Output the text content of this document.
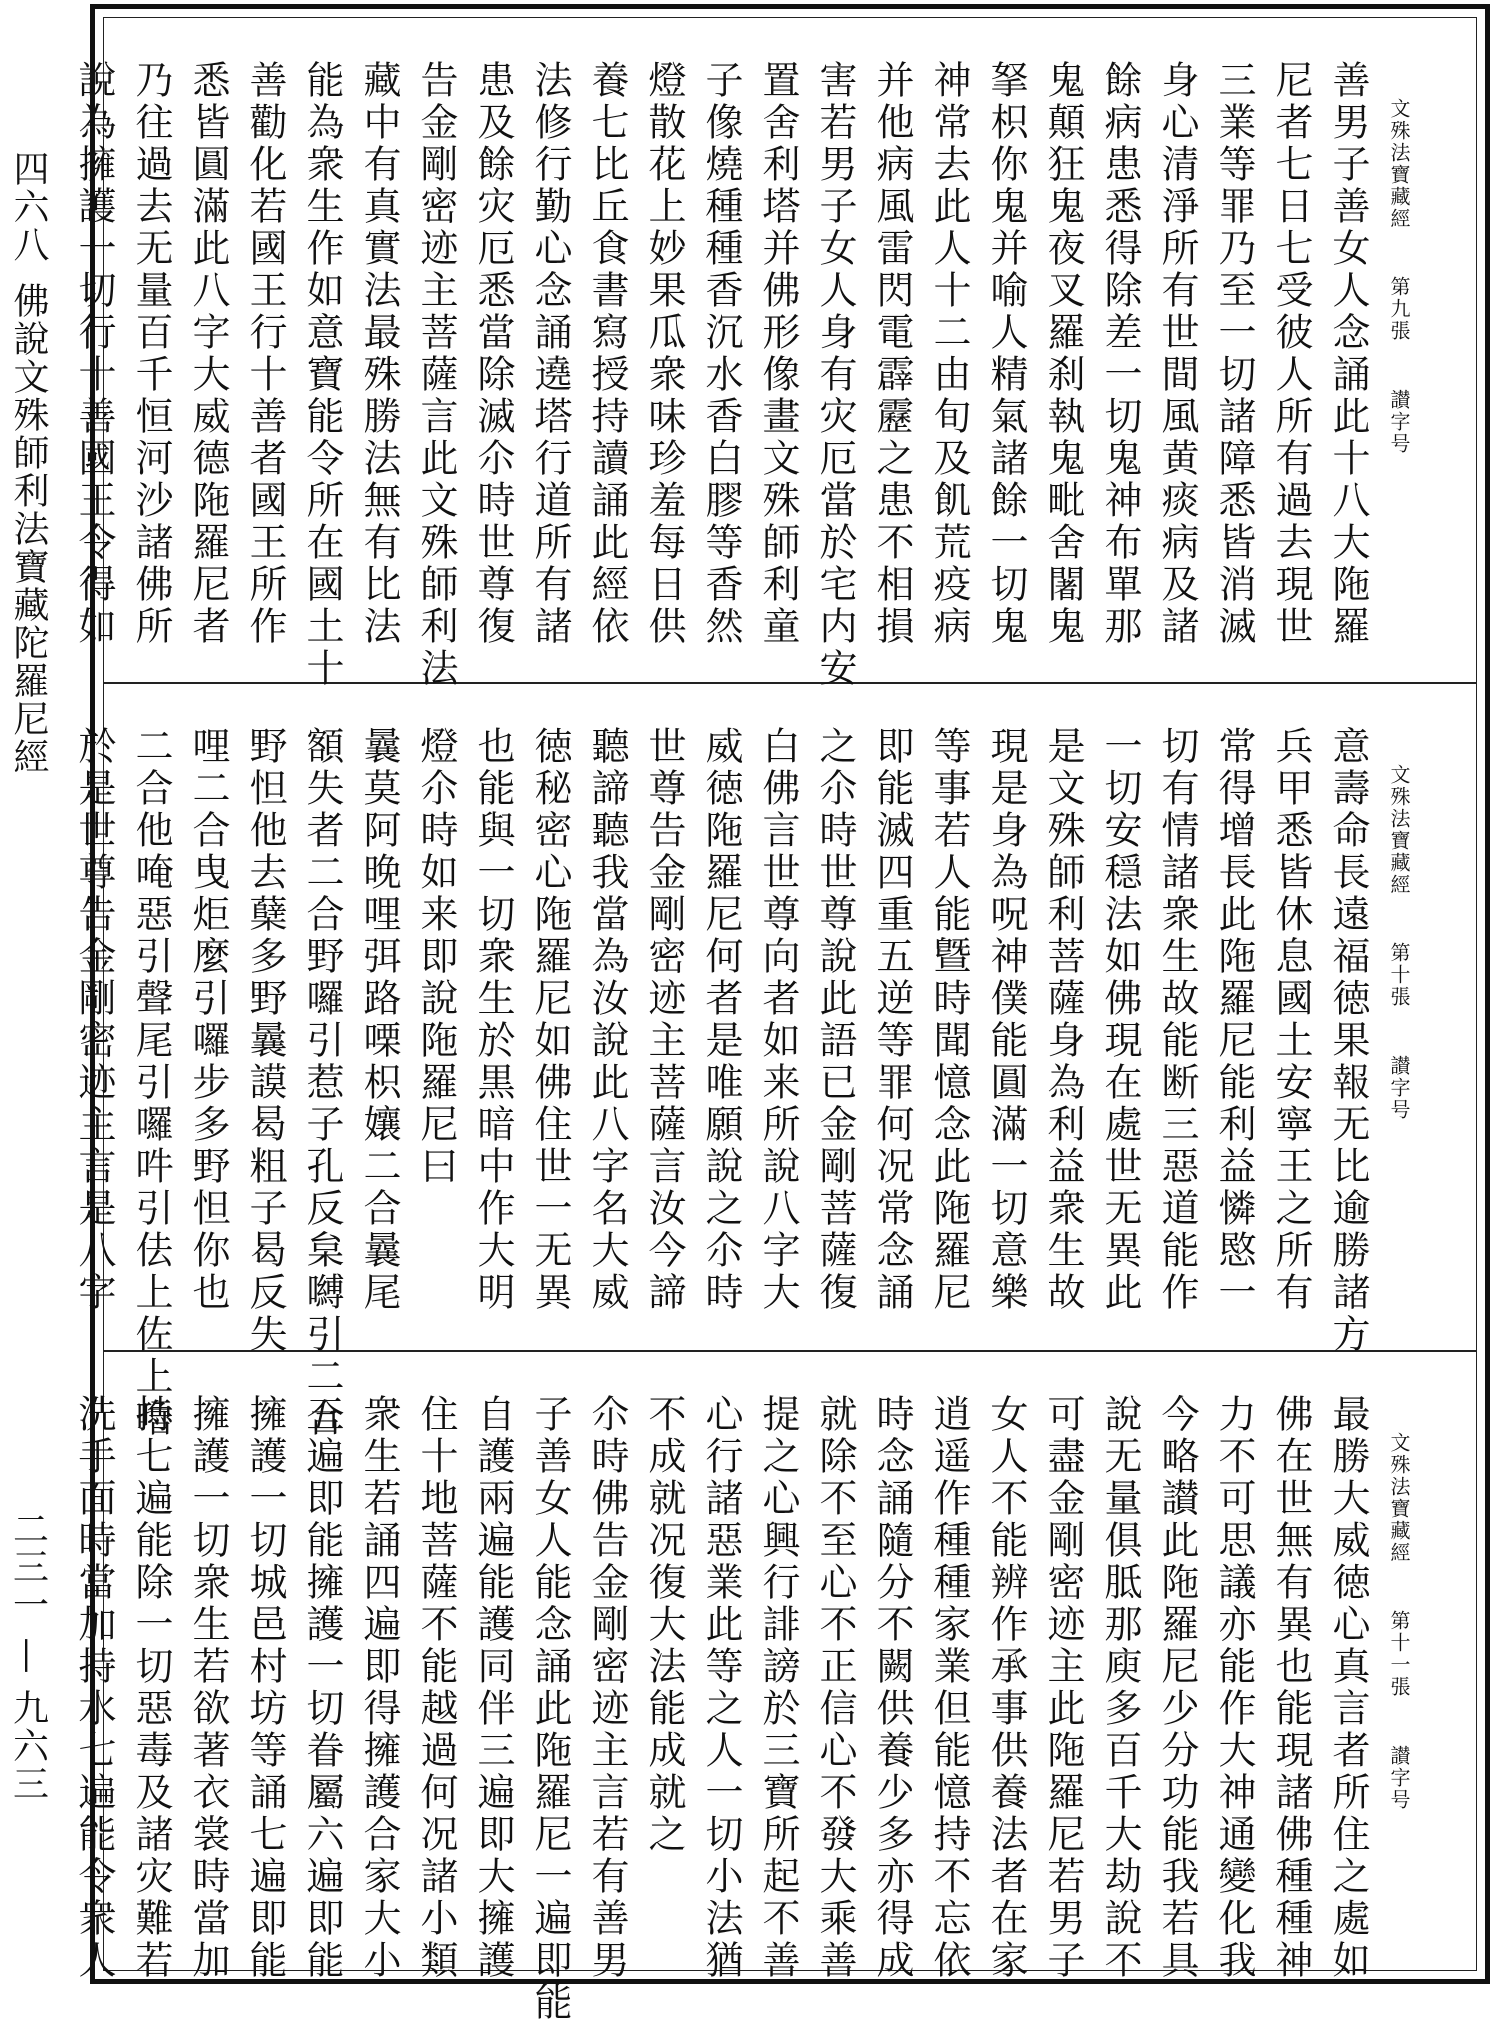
四六八
佛說文殊師利法寶藏陀羅尼經
二三一 — 九六三
文殊法寶藏經 第九張 讃字号
善男子善女人念誦此十八大陁羅
尼者七日七受彼人所有過去現世
三業等罪乃至一切諸障悉皆消滅
身心清淨所有世間風黄痰病及諸
餘病患悉得除差一切鬼神布單那
鬼顛狂鬼夜叉羅刹執鬼毗舍闍鬼
拏枳你鬼并喻人精氣諸餘一切鬼
神常去此人十二由旬及飢荒疫病
并他病風雷閃電霹靂之患不相損
害若男子女人身有灾厄當於宅内安
置舍利塔并佛形像畫文殊師利童
子像燒種種香沉水香白膠等香然
燈散花上妙果瓜衆味珍羞每日供
養七比丘食書寫授持讀誦此經依
法修行勤心念誦遶塔行道所有諸
患及餘灾厄悉當除滅尒時世尊復
告金剛密迹主菩薩言此文殊師利法
藏中有真實法最殊勝法無有比法
能為衆生作如意寶能令所在國土十
善勸化若國王行十善者國王所作
悉皆圓滿此八字大威德陁羅尼者
乃往過去无量百千恒河沙諸佛所
說為擁護一切行十善國王令得如
文殊法寶藏經 第十張 讃字号
意壽命長遠福徳果報无比逾勝諸方
兵甲悉皆休息國土安寧王之所有
常得增長此陁羅尼能利益憐愍一
切有情諸衆生故能断三惡道能作
一切安穏法如佛現在處世无異此
是文殊師利菩薩身為利益衆生故
現是身為呪神僕能圓滿一切意樂
等事若人能曁時聞憶念此陁羅尼
即能滅四重五逆等罪何况常念誦
之尒時世尊說此語已金剛菩薩復
白佛言世尊向者如来所說八字大
威徳陁羅尼何者是唯願說之尒時
世尊告金剛密迹主菩薩言汝今諦
聽諦聽我當為汝說此八字名大威
徳秘密心陁羅尼如佛住世一无異
也能與一切衆生於黒暗中作大明
燈尒時如来即說陁羅尼曰
曩莫阿晚哩弭路㗚枳孃二合曩尾
額失者二合野囉引惹子孔反枲嚩引二合
野怛他去蘖多野曩謨曷粗子曷反失
哩二合曳炬麼引囉步多野怛你也
二合他唵惡引聲尾引囉吽引佉上佐上嚕
於是世尊告金剛密迹主言是八字
文殊法寶藏經 第十一張 讃字号
最勝大威徳心真言者所住之處如
佛在世無有異也能現諸佛種種神
力不可思議亦能作大神通變化我
今略讃此陁羅尼少分功能我若具
說无量俱胝那庾多百千大劫說不
可盡金剛密迹主此陁羅尼若男子
女人不能辨作承事供養法者在家
逍遥作種種家業但能憶持不忘依
時念誦隨分不闕供養少多亦得成
就除不至心不正信心不發大乘善
提之心興行誹謗於三寶所起不善
心行諸惡業此等之人一切小法猶
不成就况復大法能成就之
尒時佛告金剛密迹主言若有善男
子善女人能念誦此陁羅尼一遍即能
自護兩遍能護同伴三遍即大擁護
住十地菩薩不能越過何况諸小類
衆生若誦四遍即得擁護合家大小
五遍即能擁護一切眷屬六遍即能
擁護一切城邑村坊等誦七遍即能
擁護一切衆生若欲著衣裳時當加
持七遍能除一切惡毒及諸灾難若
洗手面時當加持水七遍能令衆人
